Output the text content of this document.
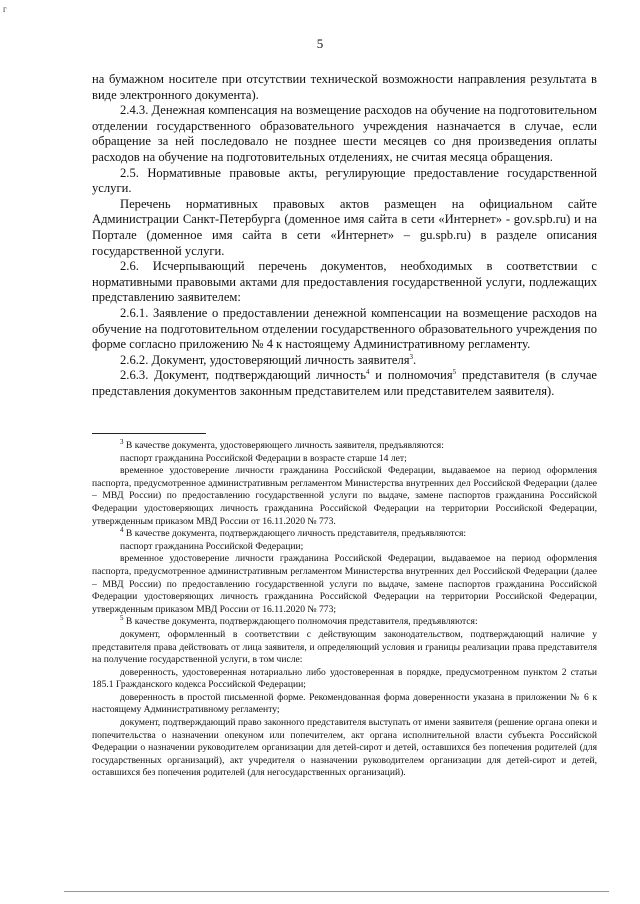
г
5

на бумажном носителе при отсутствии технической возможности направления результата в виде электронного документа).

2.4.3. Денежная компенсация на возмещение расходов на обучение на подготовительном отделении государственного образовательного учреждения назначается в случае, если обращение за ней последовало не позднее шести месяцев со дня произведения оплаты расходов на обучение на подготовительных отделениях, не считая месяца обращения.

2.5. Нормативные правовые акты, регулирующие предоставление государственной услуги.

Перечень нормативных правовых актов размещен на официальном сайте Администрации Санкт-Петербурга (доменное имя сайта в сети «Интернет» - gov.spb.ru) и на Портале (доменное имя сайта в сети «Интернет» – gu.spb.ru) в разделе описания государственной услуги.

2.6. Исчерпывающий перечень документов, необходимых в соответствии с нормативными правовыми актами для предоставления государственной услуги, подлежащих представлению заявителем:

2.6.1. Заявление о предоставлении денежной компенсации на возмещение расходов на обучение на подготовительном отделении государственного образовательного учреждения по форме согласно приложению № 4 к настоящему Административному регламенту.

2.6.2. Документ, удостоверяющий личность заявителя$^3$.

2.6.3. Документ, подтверждающий личность$^4$ и полномочия$^5$ представителя (в случае представления документов законным представителем или представителем заявителя).

$^3$ В качестве документа, удостоверяющего личность заявителя, предъявляются:

паспорт гражданина Российской Федерации в возрасте старше 14 лет;

временное удостоверение личности гражданина Российской Федерации, выдаваемое на период оформления паспорта, предусмотренное административным регламентом Министерства внутренних дел Российской Федерации (далее – МВД России) по предоставлению государственной услуги по выдаче, замене паспортов гражданина Российской Федерации удостоверяющих личность гражданина Российской Федерации на территории Российской Федерации, утвержденным приказом МВД России от 16.11.2020 № 773.

$^4$ В качестве документа, подтверждающего личность представителя, предъявляются:

паспорт гражданина Российской Федерации;

временное удостоверение личности гражданина Российской Федерации, выдаваемое на период оформления паспорта, предусмотренное административным регламентом Министерства внутренних дел Российской Федерации (далее – МВД России) по предоставлению государственной услуги по выдаче, замене паспортов гражданина Российской Федерации удостоверяющих личность гражданина Российской Федерации на территории Российской Федерации, утвержденным приказом МВД России от 16.11.2020 № 773;

$^5$ В качестве документа, подтверждающего полномочия представителя, предъявляются:

документ, оформленный в соответствии с действующим законодательством, подтверждающий наличие у представителя права действовать от лица заявителя, и определяющий условия и границы реализации права представителя на получение государственной услуги, в том числе:

доверенность, удостоверенная нотариально либо удостоверенная в порядке, предусмотренном пунктом 2 статьи 185.1 Гражданского кодекса Российской Федерации;

доверенность в простой письменной форме. Рекомендованная форма доверенности указана в приложении № 6 к настоящему Административному регламенту;

документ, подтверждающий право законного представителя выступать от имени заявителя (решение органа опеки и попечительства о назначении опекуном или попечителем, акт органа исполнительной власти субъекта Российской Федерации о назначении руководителем организации для детей-сирот и детей, оставшихся без попечения родителей (для государственных организаций), акт учредителя о назначении руководителем организации для детей-сирот и детей, оставшихся без попечения родителей (для негосударственных организаций).
